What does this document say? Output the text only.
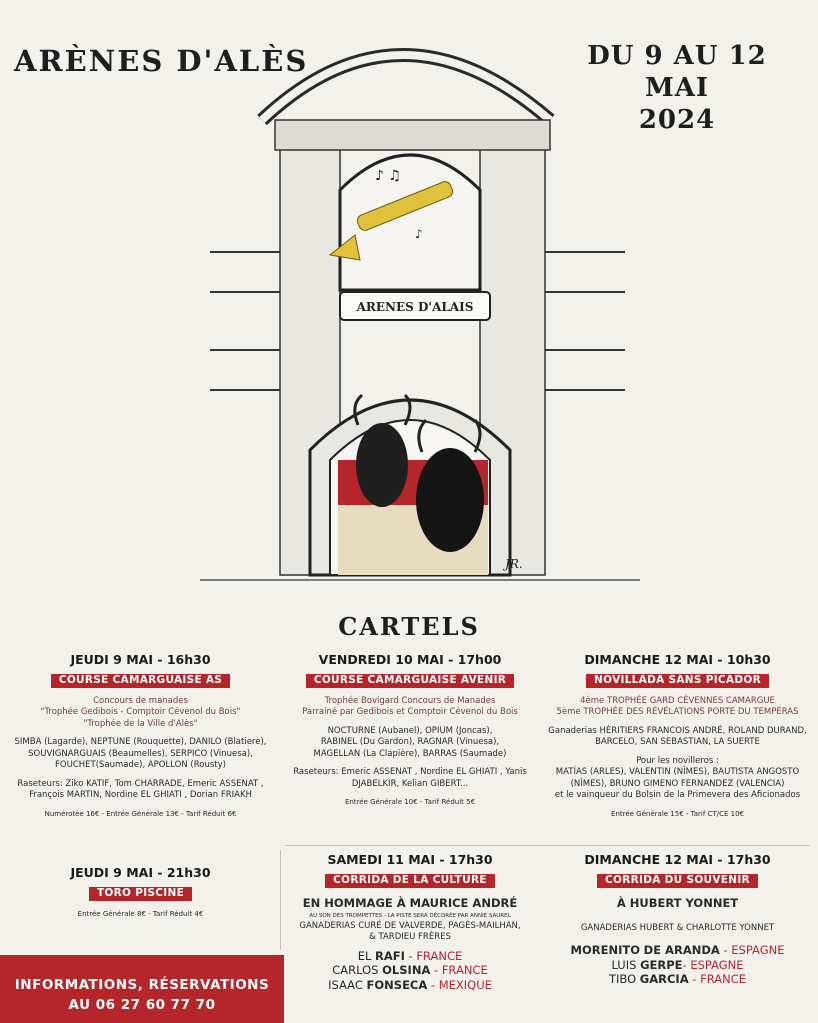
ARÈNES D'ALÈS	DU 9 AU 12 MAI
2024
♪ ♫
♪
ARENES D'ALAIS
JR.
CARTELS
JEUDI 9 MAI - 16h30
COURSE CAMARGUAISE AS
Concours de manades
"Trophée Gedibois - Comptoir Cévenol du Bois"
"Trophée de la Ville d'Alès"
SIMBA (Lagarde), NEPTUNE (Rouquette), DANILO (Blatiere),
SOUVIGNARGUAIS (Beaumelles), SERPICO (Vinuesa),
FOUCHET(Saumade), APOLLON (Rousty)
Raseteurs: Ziko KATIF, Tom CHARRADE, Emeric ASSENAT ,
François MARTIN, Nordine EL GHIATI , Dorian FRIAKH
Numérotée 16€ - Entrée Générale 13€ - Tarif Réduit 6€
VENDREDI 10 MAI - 17h00
COURSE CAMARGUAISE AVENIR
Trophée Bovigard Concours de Manades
Parrainé par Gedibois et Comptoir Cévenol du Bois
NOCTURNE (Aubanel), OPIUM (Joncas),
RABINEL (Du Gardon), RAGNAR (Vinuesa),
MAGELLAN (La Clapière), BARRAS (Saumade)
Raseteurs: Emeric ASSENAT , Nordine EL GHIATI , Yanis
DJABELKIR, Kelian GIBERT...
Entrée Générale 10€ - Tarif Réduit 5€
DIMANCHE 12 MAI - 10h30
NOVILLADA SANS PICADOR
4ème TROPHÉE GARD CÉVENNES CAMARGUE
5ème TROPHÉE DES RÉVÉLATIONS PORTE DU TEMPÉRAS
Ganaderias HÉRITIERS FRANCOIS ANDRÉ, ROLAND DURAND,
BARCELO, SAN SEBASTIAN, LA SUERTE
Pour les novilleros :
MATÍAS (ARLES), VALENTIN (NÎMES), BAUTISTA ANGOSTO
(NÎMES), BRUNO GIMENO FERNANDEZ (VALENCIA)
et le vainqueur du Bolsin de la Primevera des Aficionados
Entrée Générale 15€ - Tarif CT/CE 10€
JEUDI 9 MAI - 21h30
TORO PISCINE
Entrée Générale 8€ - Tarif Réduit 4€
SAMEDI 11 MAI - 17h30
CORRIDA DE LA CULTURE
EN HOMMAGE À MAURICE ANDRÉ
AU SON DES TROMPETTES - LA PISTE SERA DÉCORÉE PAR ANNIE SAUREL
GANADERIAS CURÉ DE VALVERDE, PAGÈS-MAILHAN,
& TARDIEU FRÈRES
EL RAFI - FRANCE
CARLOS OLSINA - FRANCE
ISAAC FONSECA - MEXIQUE
DIMANCHE 12 MAI - 17h30
CORRIDA DU SOUVENIR
À HUBERT YONNET
GANADERIAS HUBERT & CHARLOTTE YONNET
MORENITO DE ARANDA - ESPAGNE
LUIS GERPE- ESPAGNE
TIBO GARCIA - FRANCE
INFORMATIONS, RÉSERVATIONS
AU 06 27 60 77 70
